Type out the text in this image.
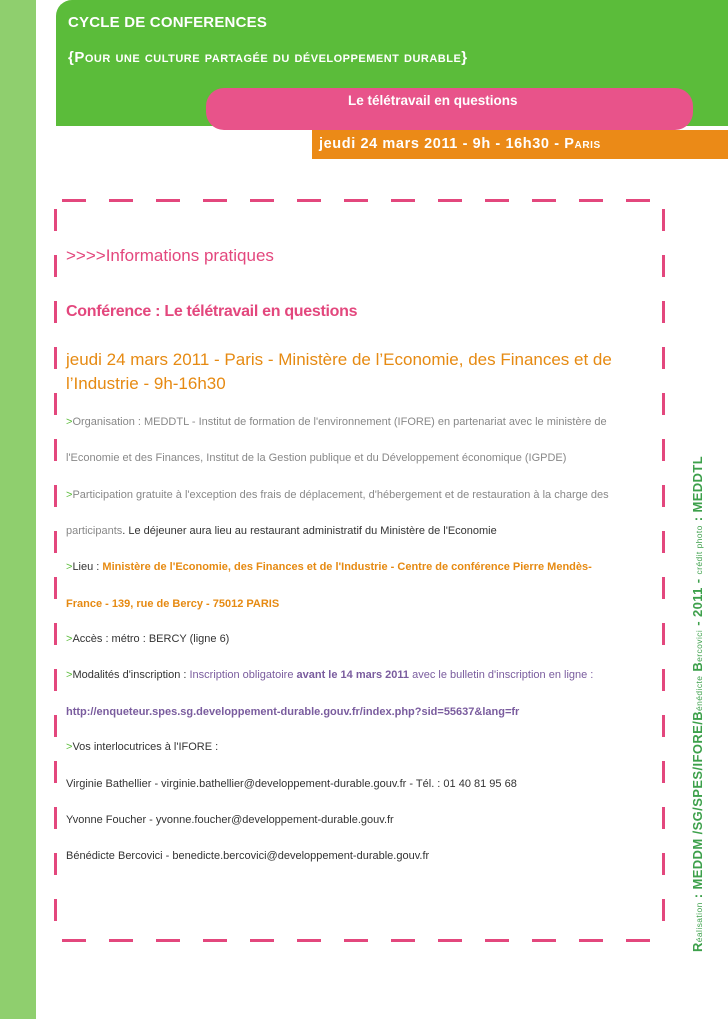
CYCLE DE CONFERENCES
{Pour une culture partagée du développement durable}
Le télétravail en questions
jeudi 24 mars 2011 - 9h - 16h30 - Paris
>>>>Informations pratiques
Conférence : Le télétravail en questions
jeudi 24 mars 2011 - Paris - Ministère de l’Economie, des Finances et de l’Industrie - 9h-16h30
>Organisation : MEDDTL - Institut de formation de l'environnement (IFORE) en partenariat avec le ministère de
l'Economie et des Finances, Institut de la Gestion publique et du Développement économique (IGPDE)
>Participation gratuite à l'exception des frais de déplacement, d'hébergement et de restauration à la charge des
participants. Le déjeuner aura lieu au restaurant administratif du Ministère de l'Economie
>Lieu : Ministère de l'Economie, des Finances et de l'Industrie - Centre de conférence Pierre Mendès-
France - 139, rue de Bercy - 75012 PARIS
>Accès : métro : BERCY (ligne 6)
>Modalités d'inscription : Inscription obligatoire avant le 14 mars 2011 avec le bulletin d'inscription en ligne :
http://enqueteur.spes.sg.developpement-durable.gouv.fr/index.php?sid=55637&lang=fr
>Vos interlocutrices à l'IFORE :
Virginie Bathellier - virginie.bathellier@developpement-durable.gouv.fr - Tél. : 01 40 81 95 68
Yvonne Foucher - yvonne.foucher@developpement-durable.gouv.fr
Bénédicte Bercovici - benedicte.bercovici@developpement-durable.gouv.fr
Réalisation : MEDDM /SG/SPES/IFORE/Bénédicte Bercovici - 2011 - crédit photo : MEDDTL
